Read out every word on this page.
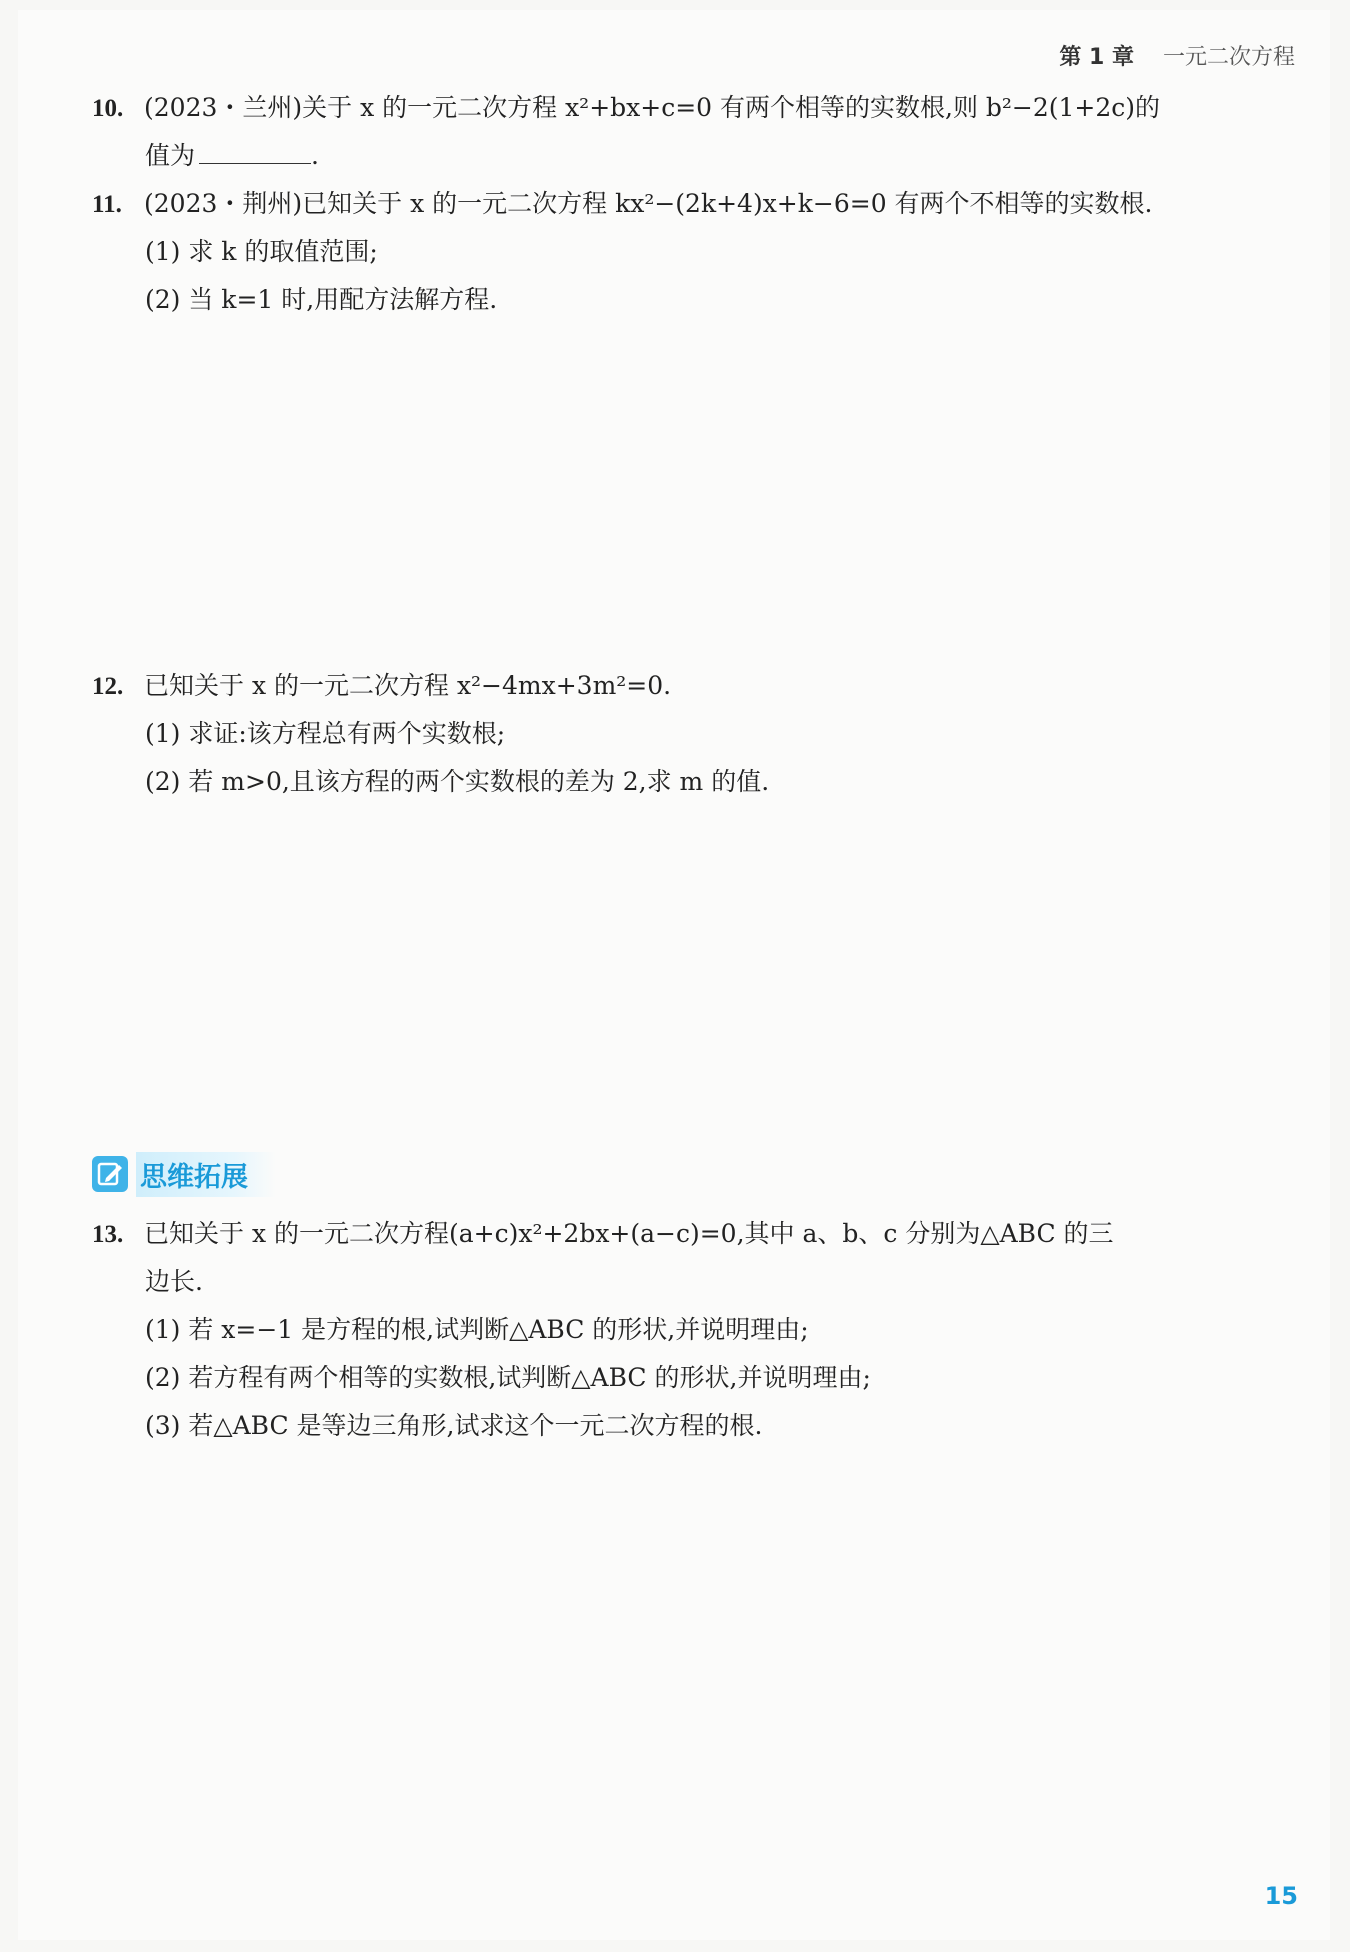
第 1 章 一元二次方程
10. (2023・兰州)关于 x 的一元二次方程 x²+bx+c=0 有两个相等的实数根,则 b²−2(1+2c)的
值为	.
11. (2023・荆州)已知关于 x 的一元二次方程 kx²−(2k+4)x+k−6=0 有两个不相等的实数根.
(1) 求 k 的取值范围;
(2) 当 k=1 时,用配方法解方程.
12. 已知关于 x 的一元二次方程 x²−4mx+3m²=0.
(1) 求证:该方程总有两个实数根;
(2) 若 m>0,且该方程的两个实数根的差为 2,求 m 的值.
思维拓展
13. 已知关于 x 的一元二次方程(a+c)x²+2bx+(a−c)=0,其中 a、b、c 分别为△ABC 的三
边长.
(1) 若 x=−1 是方程的根,试判断△ABC 的形状,并说明理由;
(2) 若方程有两个相等的实数根,试判断△ABC 的形状,并说明理由;
(3) 若△ABC 是等边三角形,试求这个一元二次方程的根.
15
